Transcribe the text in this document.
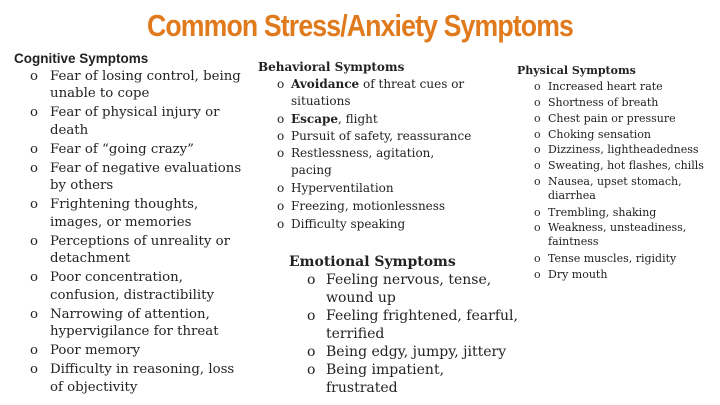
Common Stress/Anxiety Symptoms
Cognitive Symptoms
o Fear of losing control, being unable to cope
o Fear of physical injury or death
o Fear of “going crazy”
o Fear of negative evaluations by others
o Frightening thoughts, images, or memories
o Perceptions of unreality or detachment
o Poor concentration, confusion, distractibility
o Narrowing of attention, hypervigilance for threat
o Poor memory
o Difficulty in reasoning, loss of objectivity
Behavioral Symptoms
o Avoidance of threat cues or situations
o Escape, flight
o Pursuit of safety, reassurance
o Restlessness, agitation, pacing
o Hyperventilation
o Freezing, motionlessness
o Difficulty speaking
Physical Symptoms
o Increased heart rate
o Shortness of breath
o Chest pain or pressure
o Choking sensation
o Dizziness, lightheadedness
o Sweating, hot flashes, chills
o Nausea, upset stomach, diarrhea
o Trembling, shaking
o Weakness, unsteadiness, faintness
o Tense muscles, rigidity
o Dry mouth
Emotional Symptoms
o Feeling nervous, tense, wound up
o Feeling frightened, fearful, terrified
o Being edgy, jumpy, jittery
o Being impatient, frustrated
